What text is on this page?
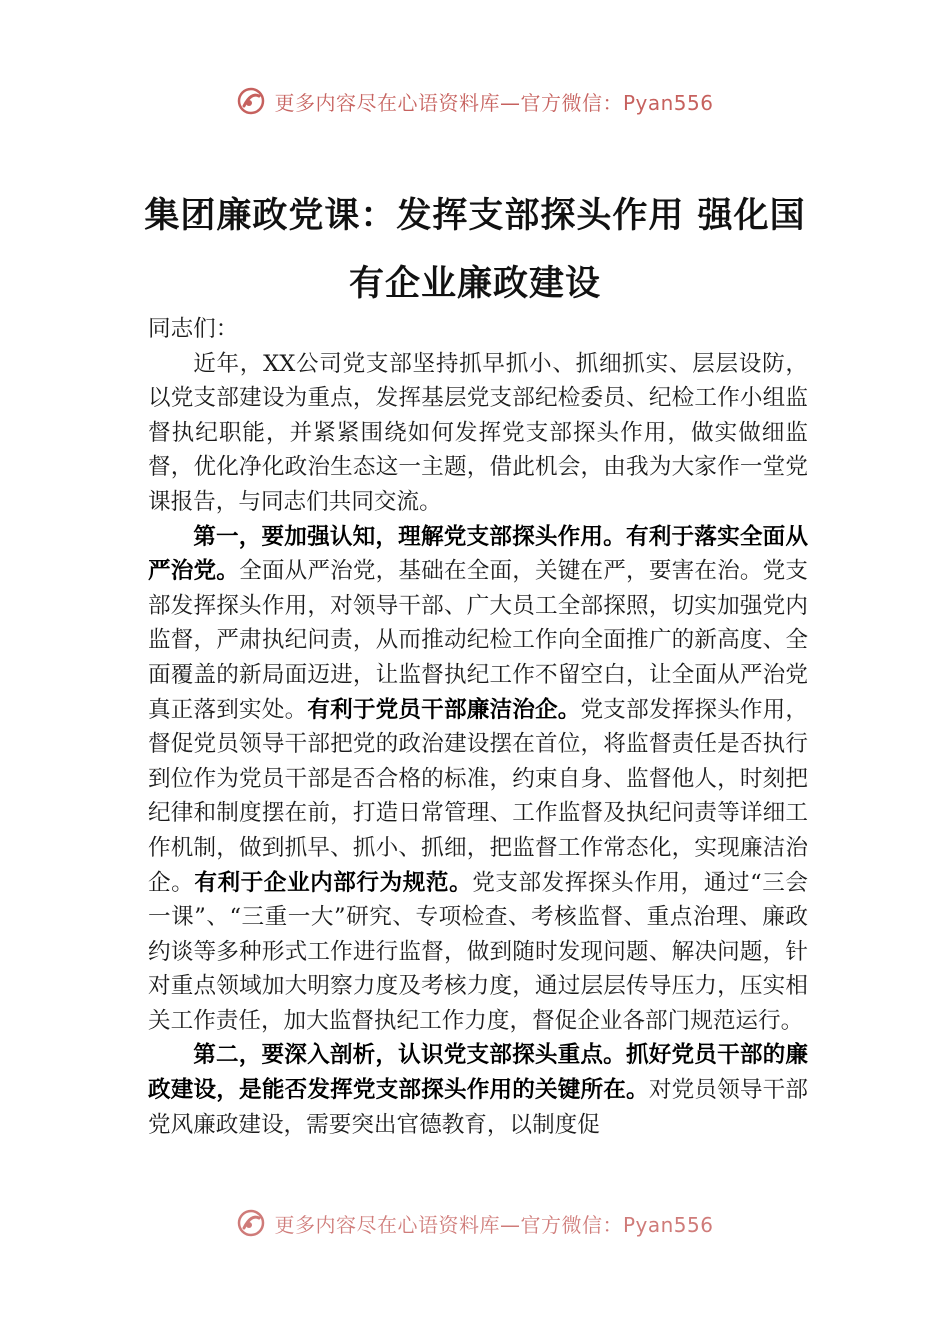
更多内容尽在心语资料库—官方微信：Pyan556
集团廉政党课：发挥支部探头作用 强化国
有企业廉政建设

同志们：

近年，XX公司党支部坚持抓早抓小、抓细抓实、层层设防，以党支部建设为重点，发挥基层党支部纪检委员、纪检工作小组监督执纪职能，并紧紧围绕如何发挥党支部探头作用，做实做细监督，优化净化政治生态这一主题，借此机会，由我为大家作一堂党课报告，与同志们共同交流。

第一，要加强认知，理解党支部探头作用。有利于落实全面从严治党。全面从严治党，基础在全面，关键在严，要害在治。党支部发挥探头作用，对领导干部、广大员工全部探照，切实加强党内监督，严肃执纪问责，从而推动纪检工作向全面推广的新高度、全面覆盖的新局面迈进，让监督执纪工作不留空白，让全面从严治党真正落到实处。有利于党员干部廉洁治企。党支部发挥探头作用，督促党员领导干部把党的政治建设摆在首位，将监督责任是否执行到位作为党员干部是否合格的标准，约束自身、监督他人，时刻把纪律和制度摆在前，打造日常管理、工作监督及执纪问责等详细工作机制，做到抓早、抓小、抓细，把监督工作常态化，实现廉洁治企。有利于企业内部行为规范。党支部发挥探头作用，通过“三会一课”、“三重一大”研究、专项检查、考核监督、重点治理、廉政约谈等多种形式工作进行监督，做到随时发现问题、解决问题，针对重点领域加大明察力度及考核力度，通过层层传导压力，压实相关工作责任，加大监督执纪工作力度，督促企业各部门规范运行。

第二，要深入剖析，认识党支部探头重点。抓好党员干部的廉政建设，是能否发挥党支部探头作用的关键所在。对党员领导干部党风廉政建设，需要突出官德教育，以制度促

更多内容尽在心语资料库—官方微信：Pyan556
